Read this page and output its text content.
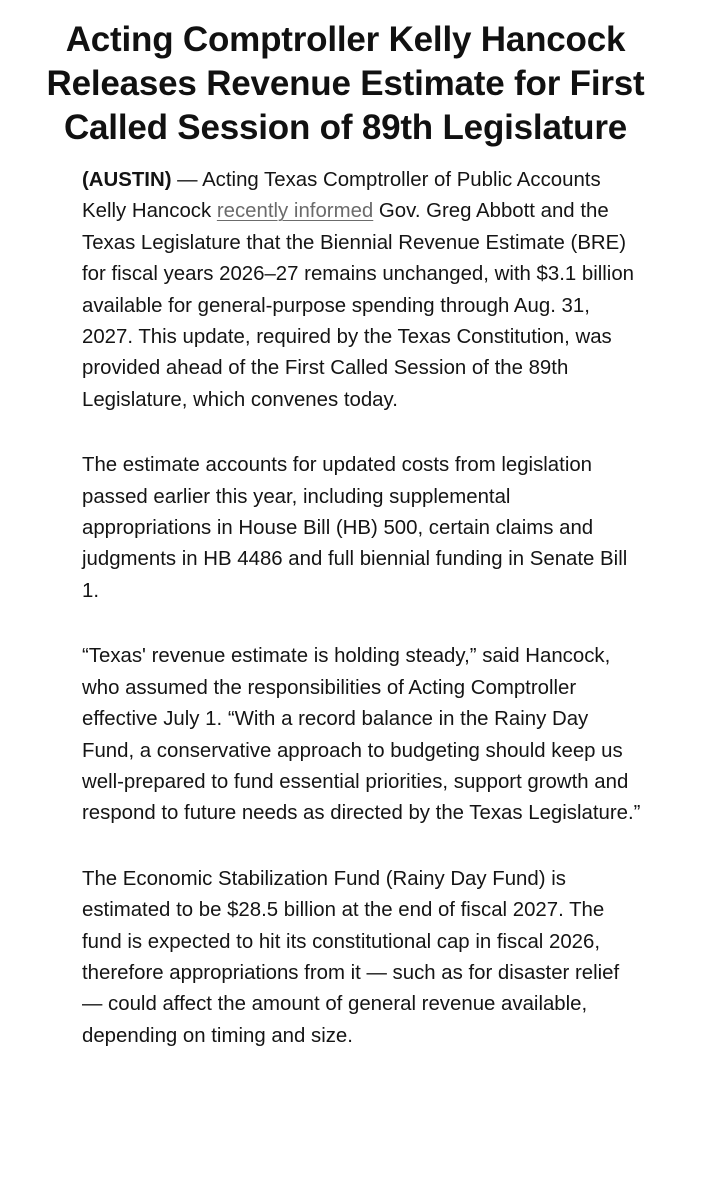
Acting Comptroller Kelly Hancock Releases Revenue Estimate for First Called Session of 89th Legislature

(AUSTIN) — Acting Texas Comptroller of Public Accounts Kelly Hancock recently informed Gov. Greg Abbott and the Texas Legislature that the Biennial Revenue Estimate (BRE) for fiscal years 2026–27 remains unchanged, with $3.1 billion available for general-purpose spending through Aug. 31, 2027. This update, required by the Texas Constitution, was provided ahead of the First Called Session of the 89th Legislature, which convenes today.

The estimate accounts for updated costs from legislation passed earlier this year, including supplemental appropriations in House Bill (HB) 500, certain claims and judgments in HB 4486 and full biennial funding in Senate Bill 1.

“Texas' revenue estimate is holding steady,” said Hancock, who assumed the responsibilities of Acting Comptroller effective July 1. “With a record balance in the Rainy Day Fund, a conservative approach to budgeting should keep us well-prepared to fund essential priorities, support growth and respond to future needs as directed by the Texas Legislature.”

The Economic Stabilization Fund (Rainy Day Fund) is estimated to be $28.5 billion at the end of fiscal 2027. The fund is expected to hit its constitutional cap in fiscal 2026, therefore appropriations from it — such as for disaster relief — could affect the amount of general revenue available, depending on timing and size.
